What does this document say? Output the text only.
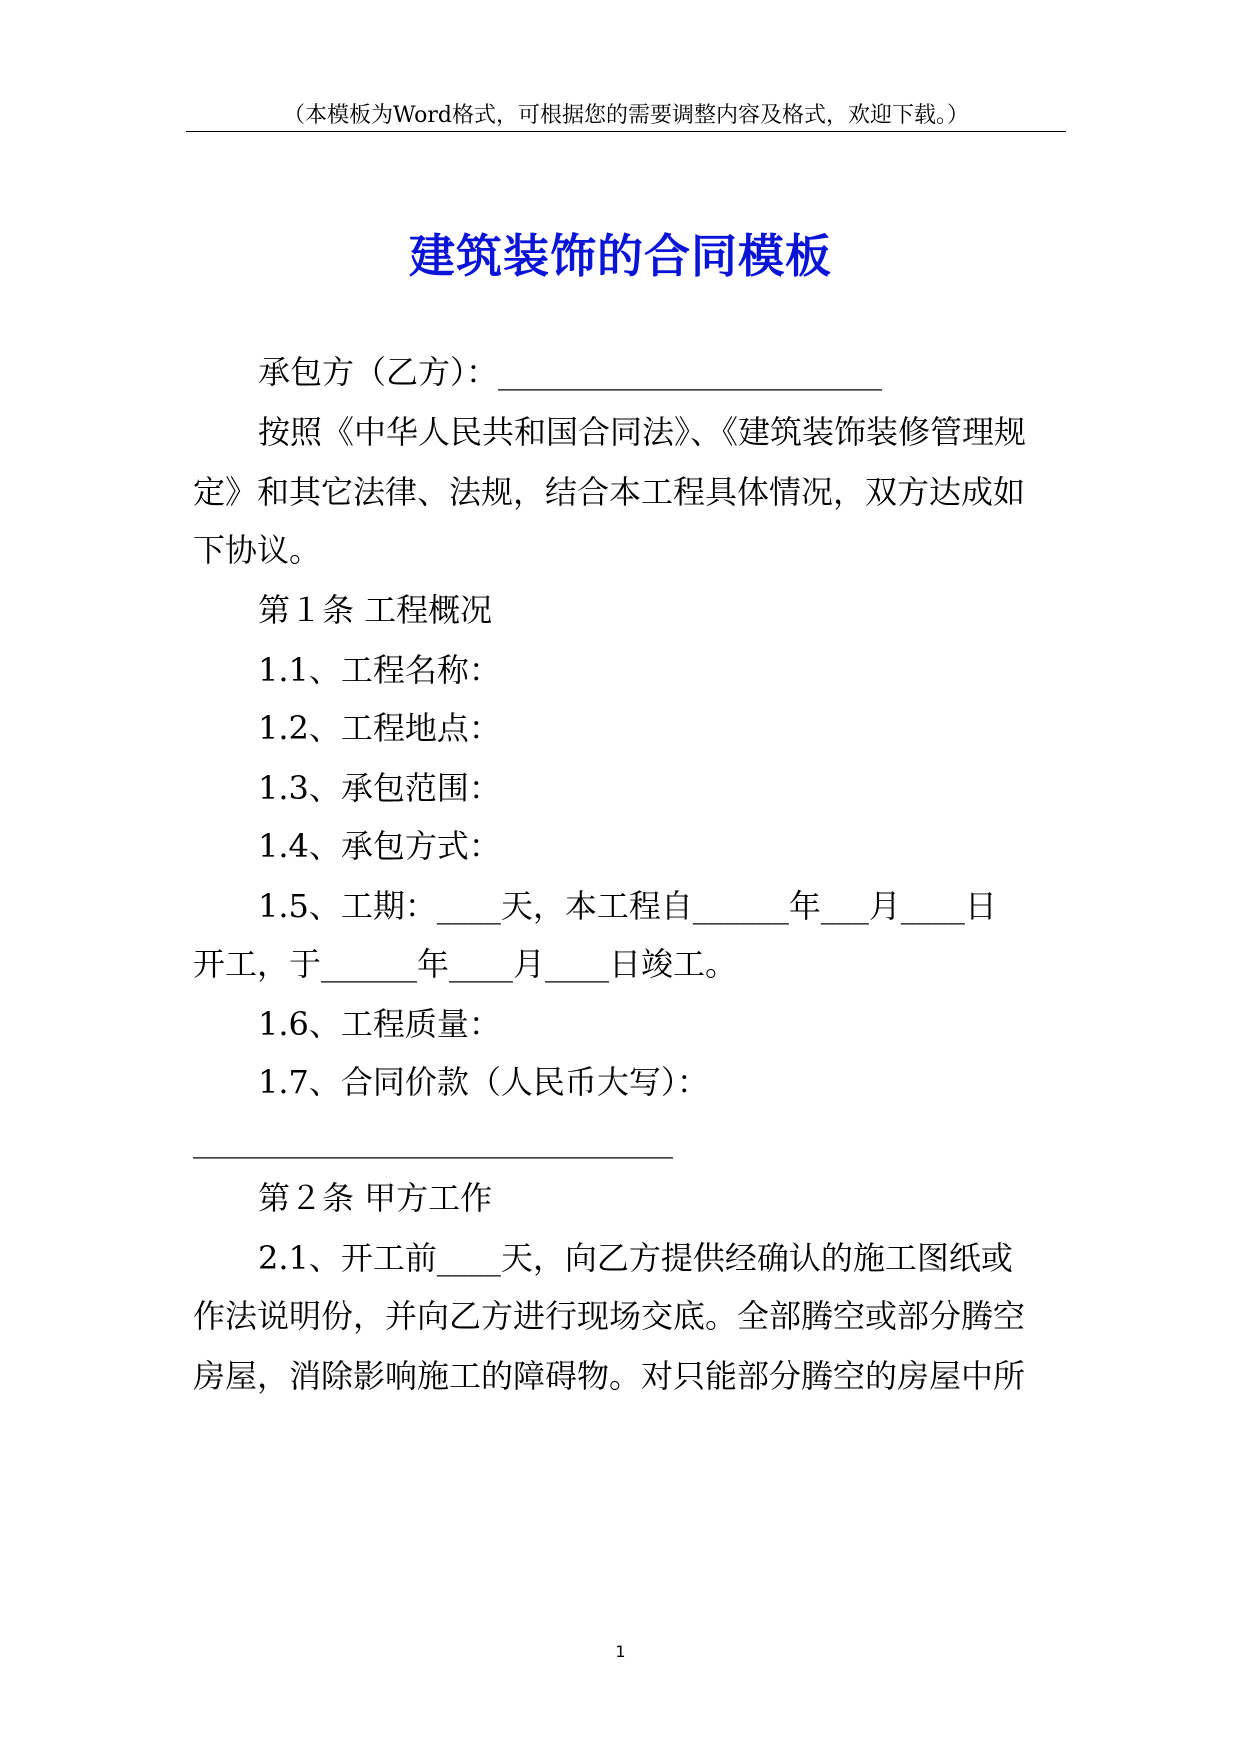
（本模板为Word格式，可根据您的需要调整内容及格式，欢迎下载。）
建筑装饰的合同模板
承包方（乙方）：________________________
按照《中华人民共和国合同法》、《建筑装饰装修管理规
定》和其它法律、法规，结合本工程具体情况，双方达成如
下协议。
第１条 工程概况
1.1、工程名称：
1.2、工程地点：
1.3、承包范围：
1.4、承包方式：
1.5、工期：____天，本工程自______年___月____日
开工，于______年____月____日竣工。
1.6、工程质量：
1.7、合同价款（人民币大写）：
______________________________
第２条 甲方工作
2.1、开工前____天，向乙方提供经确认的施工图纸或
作法说明份，并向乙方进行现场交底。全部腾空或部分腾空
房屋，消除影响施工的障碍物。对只能部分腾空的房屋中所
1
